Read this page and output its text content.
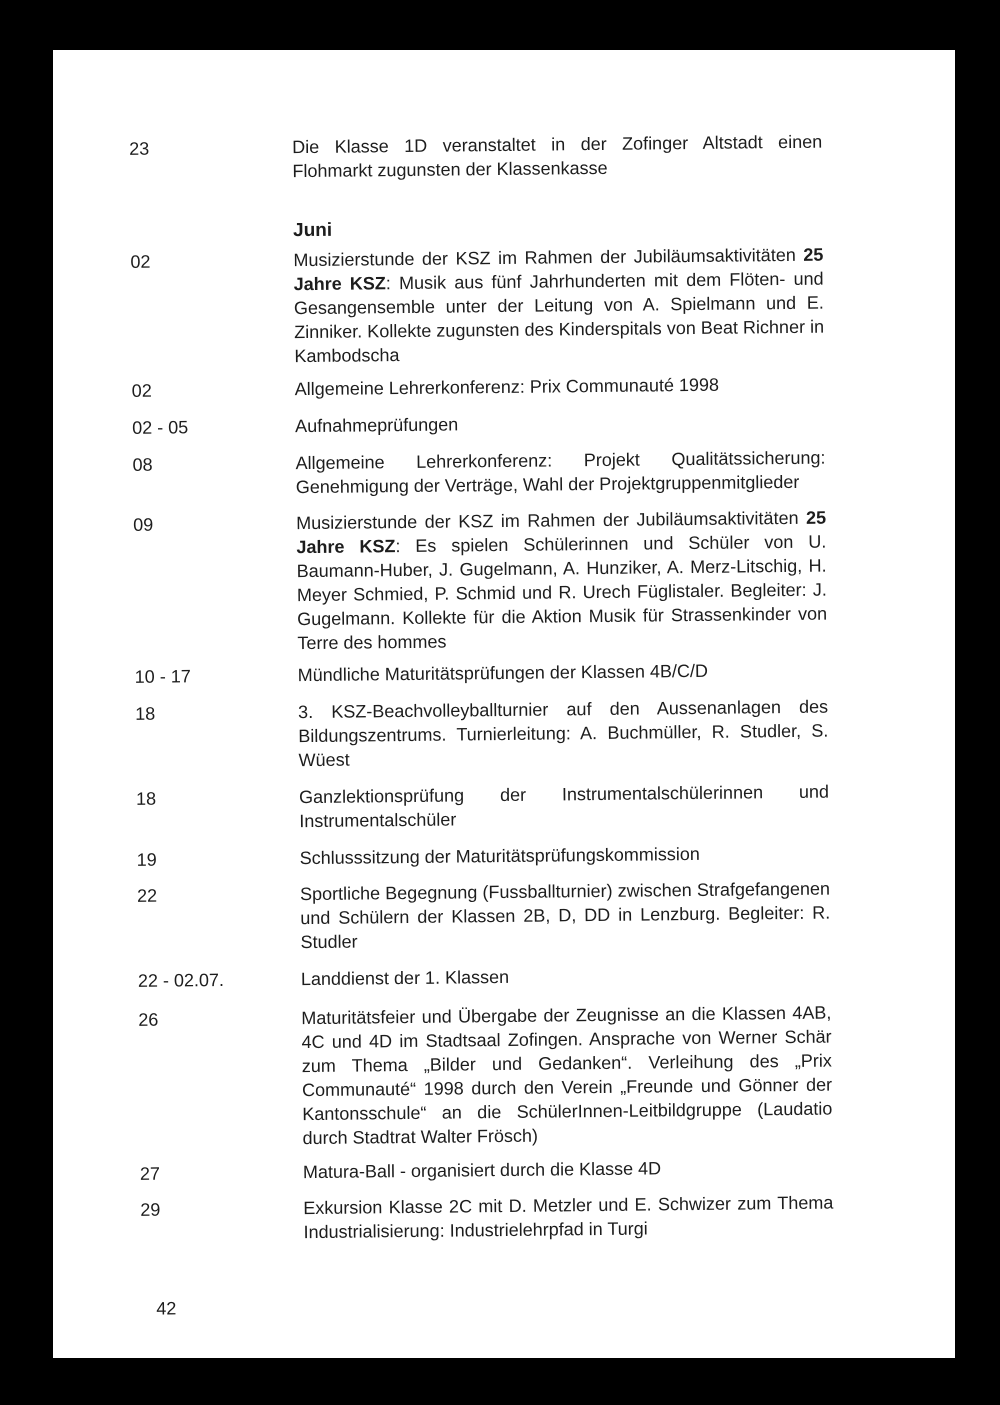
23	Die Klasse 1D veranstaltet in der Zofinger Altstadt einen Flohmarkt zugunsten der Klassenkasse
Juni
02	Musizierstunde der KSZ im Rahmen der Jubiläumsaktivitäten 25 Jahre KSZ: Musik aus fünf Jahrhunderten mit dem Flöten- und Gesangensemble unter der Leitung von A. Spielmann und E. Zinniker. Kollekte zugunsten des Kinderspitals von Beat Richner in Kambodscha
02	Allgemeine Lehrerkonferenz: Prix Communauté 1998
02 - 05	Aufnahmeprüfungen
08	Allgemeine Lehrerkonferenz: Projekt Qualitätssicherung: Genehmigung der Verträge, Wahl der Projektgruppenmitglieder
09	Musizierstunde der KSZ im Rahmen der Jubiläumsaktivitäten 25 Jahre KSZ: Es spielen Schülerinnen und Schüler von U. Baumann-Huber, J. Gugelmann, A. Hunziker, A. Merz-Litschig, H. Meyer Schmied, P. Schmid und R. Urech Füglistaler. Begleiter: J. Gugelmann. Kollekte für die Aktion Musik für Strassenkinder von Terre des hommes
10 - 17	Mündliche Maturitätsprüfungen der Klassen 4B/C/D
18	3. KSZ-Beachvolleyballturnier auf den Aussenanlagen des Bildungszentrums. Turnierleitung: A. Buchmüller, R. Studler, S. Wüest
18	Ganzlektionsprüfung der Instrumentalschülerinnen und Instrumentalschüler
19	Schlusssitzung der Maturitätsprüfungskommission
22	Sportliche Begegnung (Fussballturnier) zwischen Strafgefangenen und Schülern der Klassen 2B, D, DD in Lenzburg. Begleiter: R. Studler
22 - 02.07.	Landdienst der 1. Klassen
26	Maturitätsfeier und Übergabe der Zeugnisse an die Klassen 4AB, 4C und 4D im Stadtsaal Zofingen. Ansprache von Werner Schär zum Thema „Bilder und Gedanken“. Verleihung des „Prix Communauté“ 1998 durch den Verein „Freunde und Gönner der Kantonsschule“ an die SchülerInnen-Leitbildgruppe (Laudatio durch Stadtrat Walter Frösch)
27	Matura-Ball - organisiert durch die Klasse 4D
29	Exkursion Klasse 2C mit D. Metzler und E. Schwizer zum Thema Industrialisierung: Industrielehrpfad in Turgi
42
